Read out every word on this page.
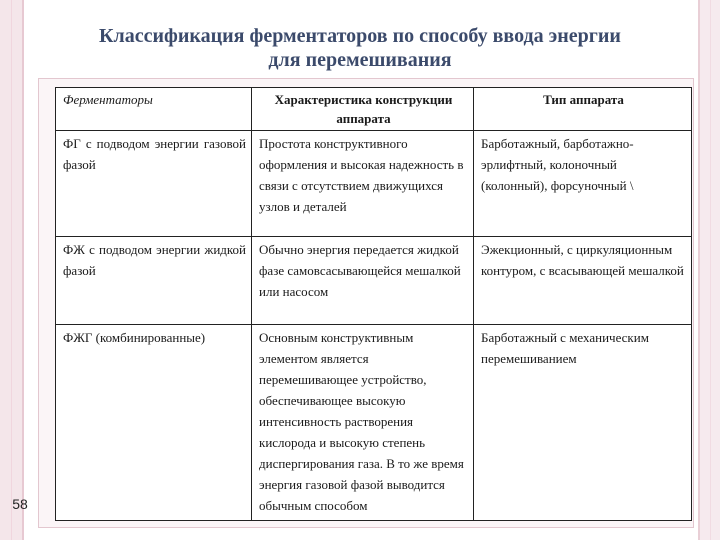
Классификация ферментаторов по способу ввода энергии
для перемешивания
Ферментаторы	Характеристика конструкции аппарата	Тип аппарата
ФГ с подводом энергии газовой фазой	Простота конструктивного оформления и высокая надежность в связи с отсутствием движущихся узлов и деталей	Барботажный, барботажно-эрлифтный, колоночный (колонный), форсуночный \
ФЖ с подводом энергии жидкой фазой	Обычно энергия передается жидкой фазе самовсасывающейся мешалкой или насосом	Эжекционный, с циркуляционным контуром, с всасывающей мешалкой
ФЖГ (комбинированные)	Основным конструктивным элементом является перемешивающее устройство, обеспечивающее высокую интенсивность растворения кислорода и высокую степень диспергирования газа. В то же время энергия газовой фазой выводится обычным способом	Барботажный с механическим перемешиванием
58
